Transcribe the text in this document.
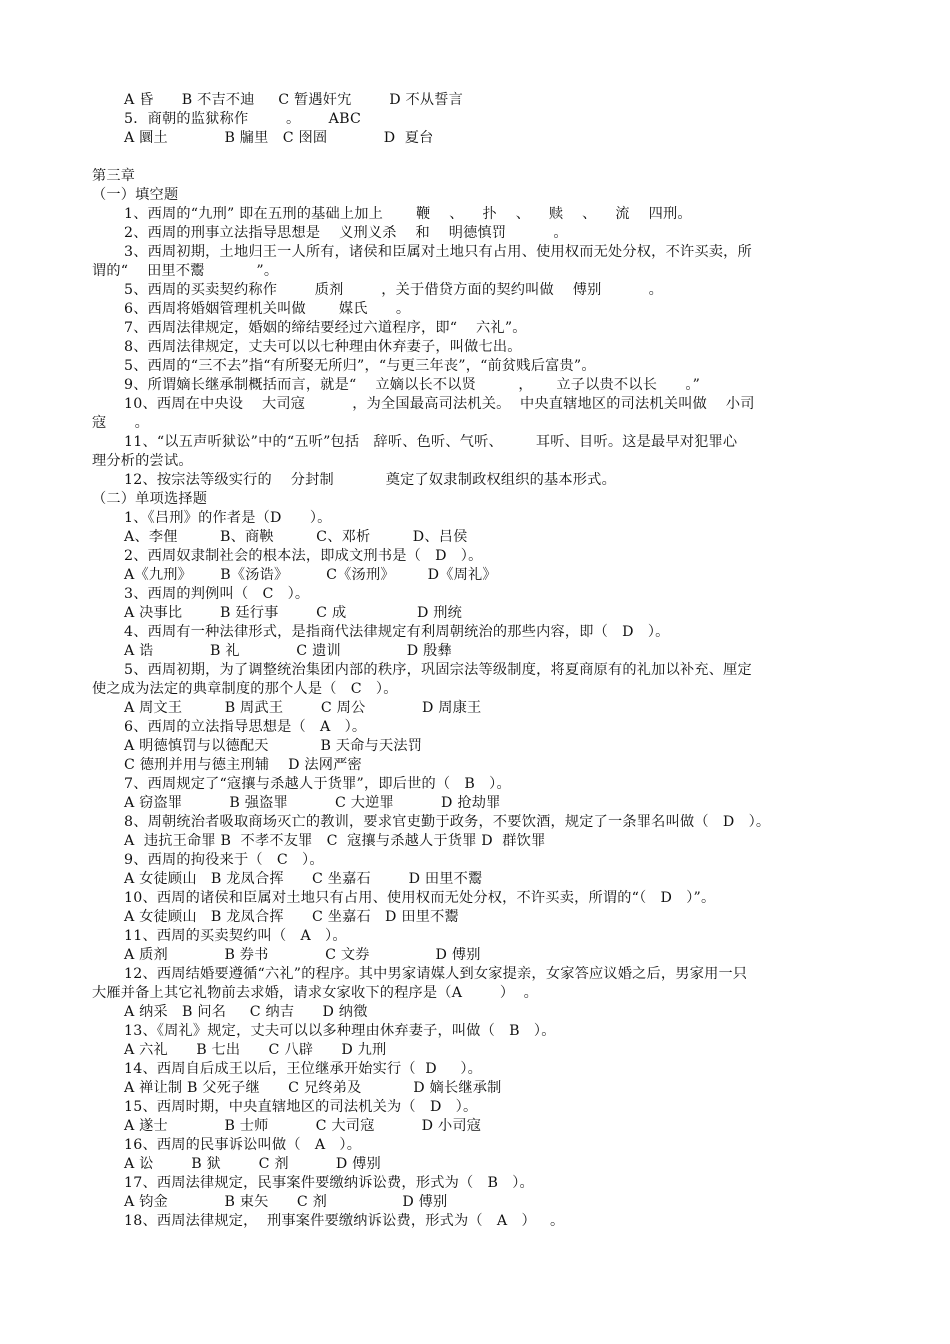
A 昏      B 不吉不迪     C 暂遇奸宄        D 不从誓言
5．商朝的监狱称作        。      ABC
A 圜土            B 牖里   C 囹圄            D  夏台
第三章
（一）填空题
1、西周的“九刑” 即在五刑的基础上加上       鞭    、    扑    、    赎    、    流    四刑。
2、西周的刑事立法指导思想是    义刑义杀    和    明德慎罚          。
3、西周初期，土地归王一人所有，诸侯和臣属对土地只有占用、使用权而无处分权，不许买卖，所
谓的“    田里不鬻           ”。
5、西周的买卖契约称作        质剂        ，关于借贷方面的契约叫做    傅别          。
6、西周将婚姻管理机关叫做       媒氏      。
7、西周法律规定，婚姻的缔结要经过六道程序，即“    六礼”。
8、西周法律规定，丈夫可以以七种理由休弃妻子，叫做七出。
5、西周的“三不去”指“有所娶无所归”，“与更三年丧”，“前贫贱后富贵”。
9、所谓嫡长继承制概括而言，就是“    立嫡以长不以贤         ，     立子以贵不以长      。”
10、西周在中央设    大司寇          ，为全国最高司法机关。  中央直辖地区的司法机关叫做    小司
寇      。
11、“以五声听狱讼”中的“五听”包括   辞听、色听、气听、       耳听、目听。这是最早对犯罪心
理分析的尝试。
12、按宗法等级实行的    分封制           奠定了奴隶制政权组织的基本形式。
（二）单项选择题
1、《吕刑》的作者是（D      ）。
A、李俚         B、商鞅         C、邓析         D、吕侯
2、西周奴隶制社会的根本法，即成文刑书是（   D   ）。
A《九刑》      B《汤诰》        C《汤刑》       D《周礼》
3、西周的判例叫（   C   ）。
A 决事比        B 廷行事        C 成               D 刑统
4、西周有一种法律形式，是指商代法律规定有利周朝统治的那些内容，即（   D   ）。
A 诰            B 礼            C 遗训              D 殷彝
5、西周初期，为了调整统治集团内部的秩序，巩固宗法等级制度，将夏商原有的礼加以补充、厘定
使之成为法定的典章制度的那个人是（   C   ）。
A 周文王         B 周武王        C 周公            D 周康王
6、西周的立法指导思想是（   A   ）。
A 明德慎罚与以德配天           B 天命与天法罚
C 德刑并用与德主刑辅    D 法网严密
7、西周规定了“寇攘与杀越人于货罪”，即后世的（   B   ）。
A 窃盗罪          B 强盗罪          C 大逆罪          D 抢劫罪
8、周朝统治者吸取商场灭亡的教训，要求官吏勤于政务，不要饮酒，规定了一条罪名叫做（   D   ）。
A  违抗王命罪 B  不孝不友罪   C  寇攘与杀越人于货罪 D  群饮罪
9、西周的拘役来于（   C   ）。
A 女徒顾山   B 龙凤合挥      C 坐嘉石        D 田里不鬻
10、西周的诸侯和臣属对土地只有占用、使用权而无处分权，不许买卖，所谓的“（   D   ）”。
A 女徒顾山   B 龙凤合挥      C 坐嘉石   D 田里不鬻
11、西周的买卖契约叫（   A   ）。
A 质剂            B 券书            C 文券              D 傅别
12、西周结婚要遵循“六礼”的程序。其中男家请媒人到女家提亲，女家答应议婚之后，男家用一只
大雁并备上其它礼物前去求婚，请求女家收下的程序是（A        ）  。
A 纳采   B 问名     C 纳吉      D 纳徵
13、《周礼》规定，丈夫可以以多种理由休弃妻子，叫做（   B   ）。
A 六礼      B 七出      C 八辟      D 九刑
14、西周自后成王以后，王位继承开始实行（  D     ）。
A 禅让制 B 父死子继      C 兄终弟及           D 嫡长继承制
15、西周时期，中央直辖地区的司法机关为（   D   ）。
A 遂士            B 士师          C 大司寇          D 小司寇
16、西周的民事诉讼叫做（   A   ）。
A 讼        B 狱        C 剂          D 傅别
17、西周法律规定，民事案件要缴纳诉讼费，形式为（   B   ）。
A 钧金            B 束矢      C 剂                D 傅别
18、西周法律规定，  刑事案件要缴纳诉讼费，形式为（   A   ）   。
